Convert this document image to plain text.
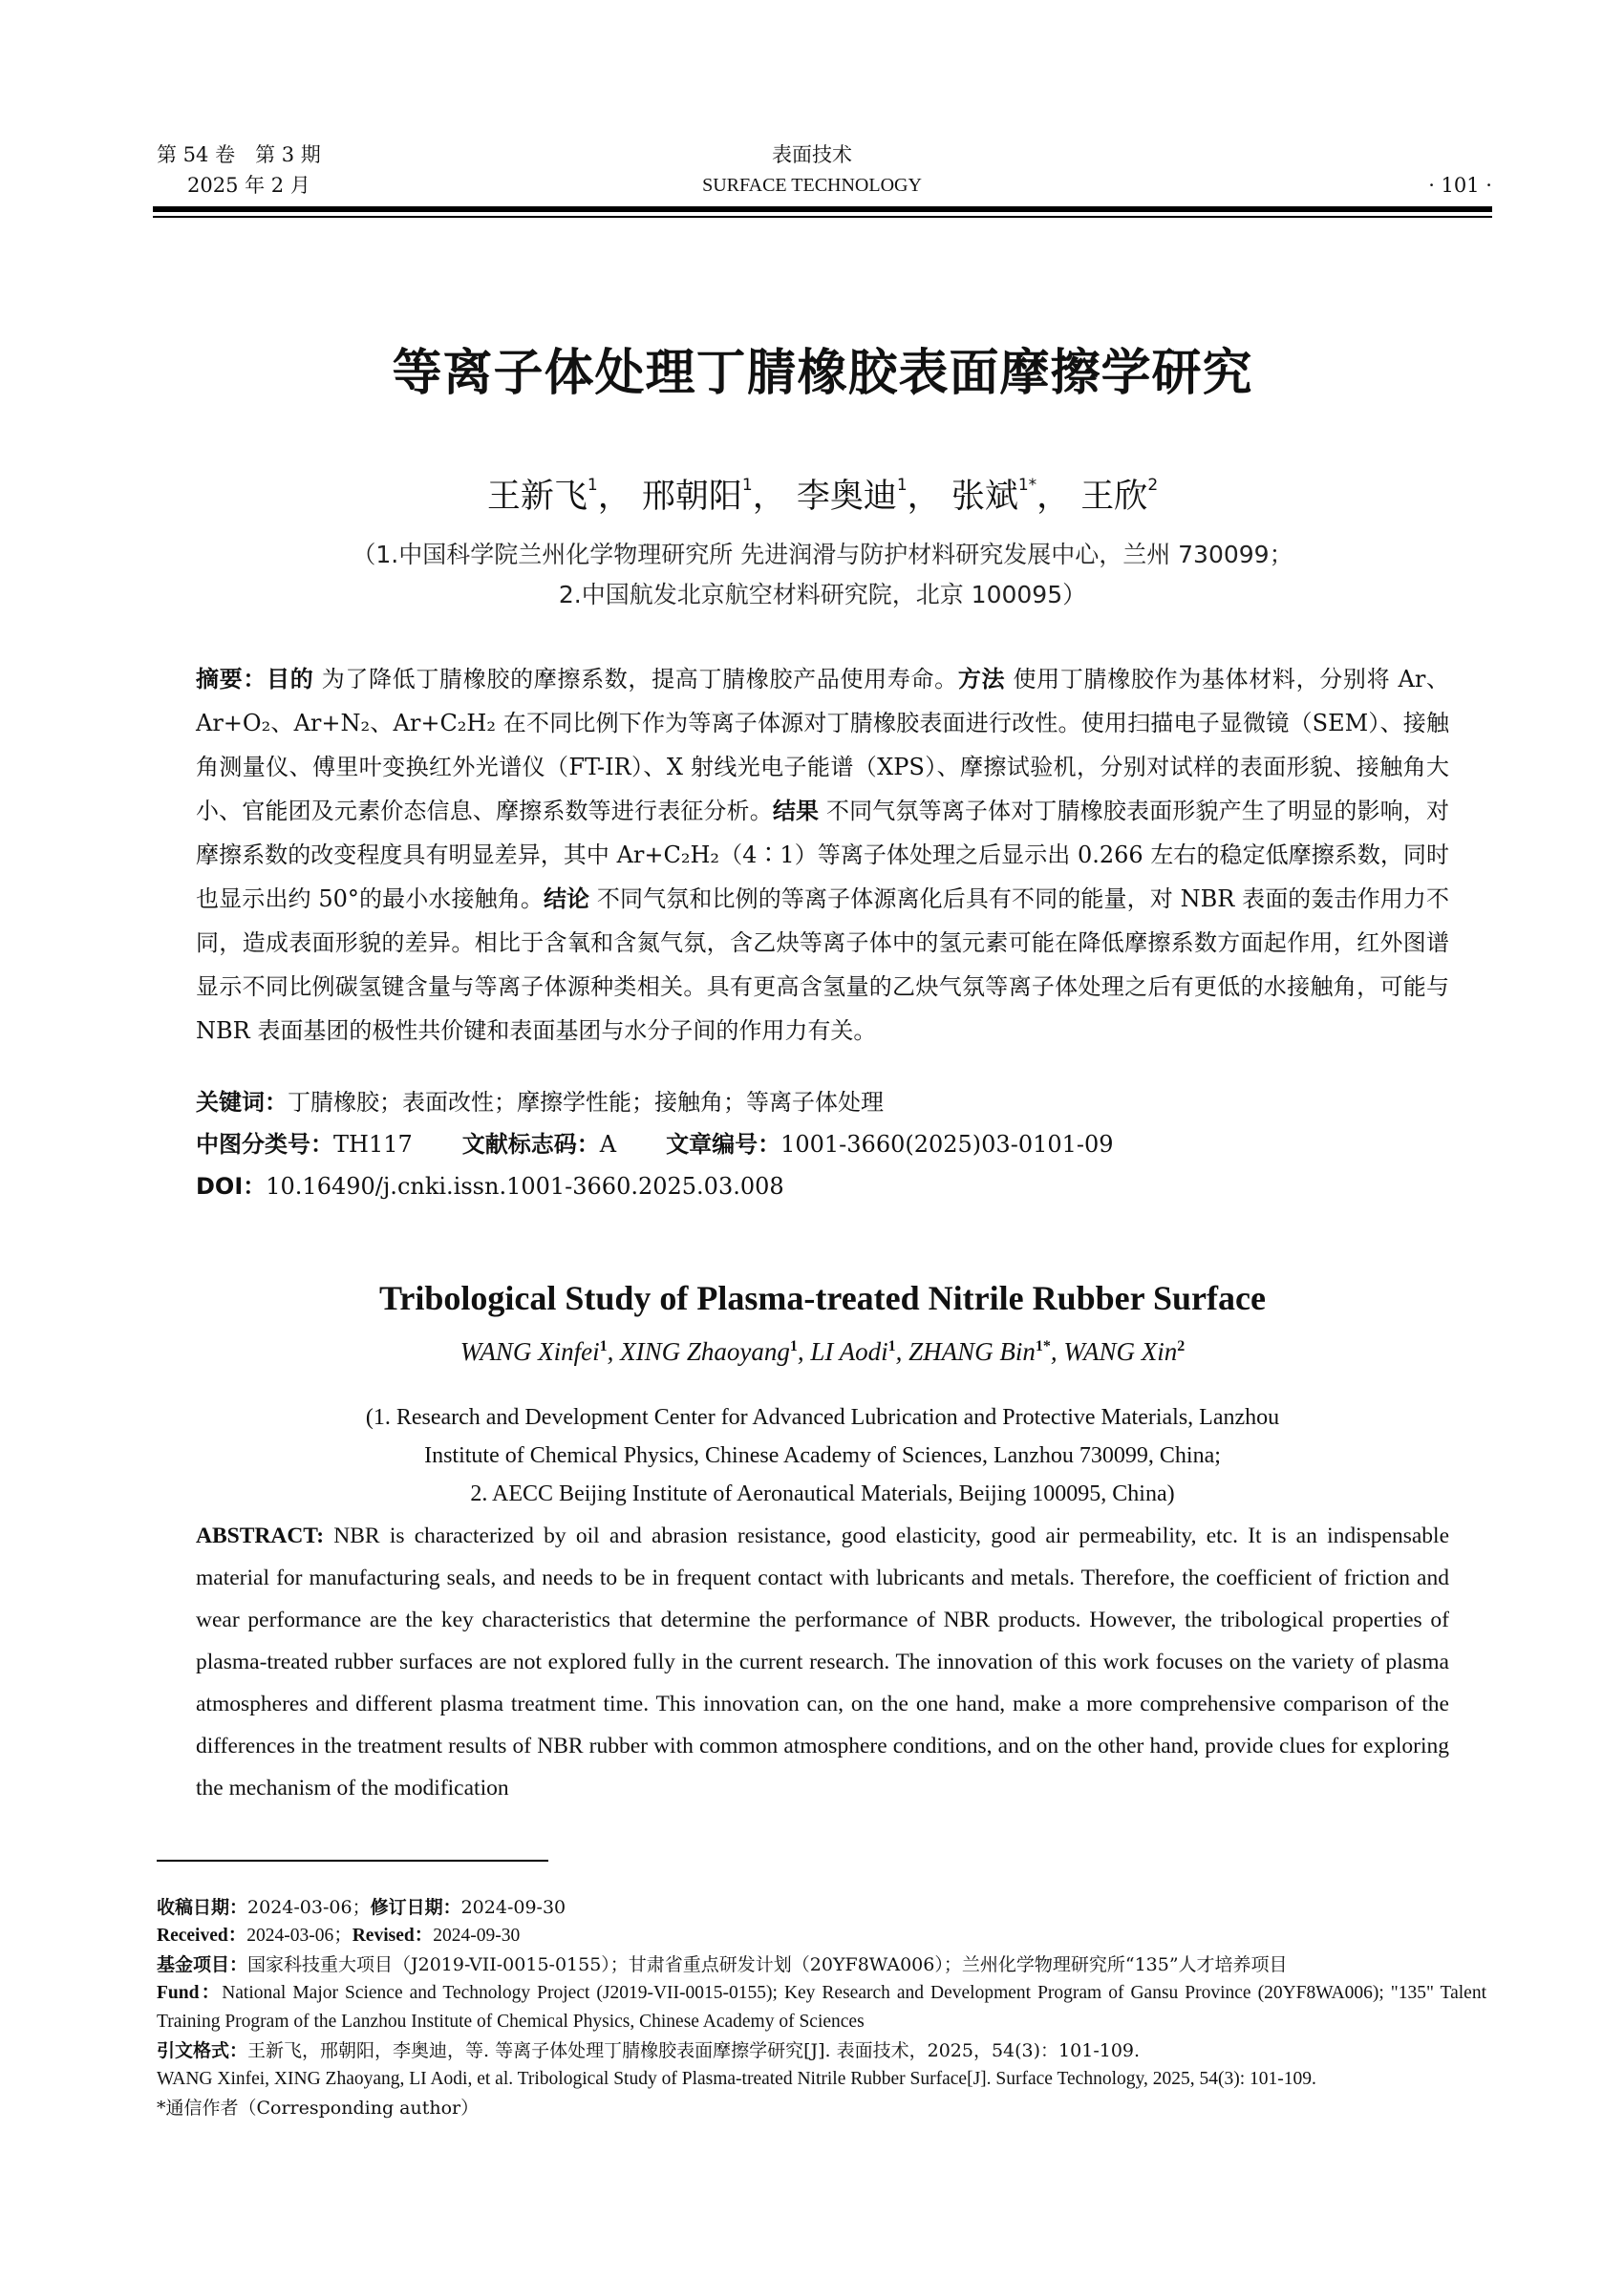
第 54 卷　第 3 期
2025 年 2 月
表面技术
SURFACE TECHNOLOGY	· 101 ·
等离子体处理丁腈橡胶表面摩擦学研究
王新飞$^1$， 邢朝阳$^1$， 李奥迪$^1$， 张斌$^{1*}$， 王欣$^2$
（1.中国科学院兰州化学物理研究所 先进润滑与防护材料研究发展中心，兰州 730099；
2.中国航发北京航空材料研究院，北京 100095）
摘要：目的 为了降低丁腈橡胶的摩擦系数，提高丁腈橡胶产品使用寿命。方法 使用丁腈橡胶作为基体材料，分别将 Ar、Ar+O₂、Ar+N₂、Ar+C₂H₂ 在不同比例下作为等离子体源对丁腈橡胶表面进行改性。使用扫描电子显微镜（SEM）、接触角测量仪、傅里叶变换红外光谱仪（FT-IR）、X 射线光电子能谱（XPS）、摩擦试验机，分别对试样的表面形貌、接触角大小、官能团及元素价态信息、摩擦系数等进行表征分析。结果 不同气氛等离子体对丁腈橡胶表面形貌产生了明显的影响，对摩擦系数的改变程度具有明显差异，其中 Ar+C₂H₂（4∶1）等离子体处理之后显示出 0.266 左右的稳定低摩擦系数，同时也显示出约 50°的最小水接触角。结论 不同气氛和比例的等离子体源离化后具有不同的能量，对 NBR 表面的轰击作用力不同，造成表面形貌的差异。相比于含氧和含氮气氛，含乙炔等离子体中的氢元素可能在降低摩擦系数方面起作用，红外图谱显示不同比例碳氢键含量与等离子体源种类相关。具有更高含氢量的乙炔气氛等离子体处理之后有更低的水接触角，可能与 NBR 表面基团的极性共价键和表面基团与水分子间的作用力有关。
关键词：丁腈橡胶；表面改性；摩擦学性能；接触角；等离子体处理
中图分类号：TH117 文献标志码：A 文章编号：1001-3660(2025)03-0101-09
DOI：10.16490/j.cnki.issn.1001-3660.2025.03.008
Tribological Study of Plasma-treated Nitrile Rubber Surface
WANG Xinfei$^1$, XING Zhaoyang$^1$, LI Aodi$^1$, ZHANG Bin$^{1*}$, WANG Xin$^2$
(1. Research and Development Center for Advanced Lubrication and Protective Materials, Lanzhou
Institute of Chemical Physics, Chinese Academy of Sciences, Lanzhou 730099, China;
2. AECC Beijing Institute of Aeronautical Materials, Beijing 100095, China)
ABSTRACT: NBR is characterized by oil and abrasion resistance, good elasticity, good air permeability, etc. It is an indispensable material for manufacturing seals, and needs to be in frequent contact with lubricants and metals. Therefore, the coefficient of friction and wear performance are the key characteristics that determine the performance of NBR products. However, the tribological properties of plasma-treated rubber surfaces are not explored fully in the current research. The innovation of this work focuses on the variety of plasma atmospheres and different plasma treatment time. This innovation can, on the one hand, make a more comprehensive comparison of the differences in the treatment results of NBR rubber with common atmosphere conditions, and on the other hand, provide clues for exploring the mechanism of the modification

收稿日期：2024-03-06；修订日期：2024-09-30

Received：2024-03-06；Revised：2024-09-30

基金项目：国家科技重大项目（J2019-VII-0015-0155）；甘肃省重点研发计划（20YF8WA006）；兰州化学物理研究所“135”人才培养项目

Fund：National Major Science and Technology Project (J2019-VII-0015-0155); Key Research and Development Program of Gansu Province (20YF8WA006); "135" Talent Training Program of the Lanzhou Institute of Chemical Physics, Chinese Academy of Sciences

引文格式：王新飞，邢朝阳，李奥迪，等. 等离子体处理丁腈橡胶表面摩擦学研究[J]. 表面技术，2025，54(3)：101-109.

WANG Xinfei, XING Zhaoyang, LI Aodi, et al. Tribological Study of Plasma-treated Nitrile Rubber Surface[J]. Surface Technology, 2025, 54(3): 101-109.

*通信作者（Corresponding author）
